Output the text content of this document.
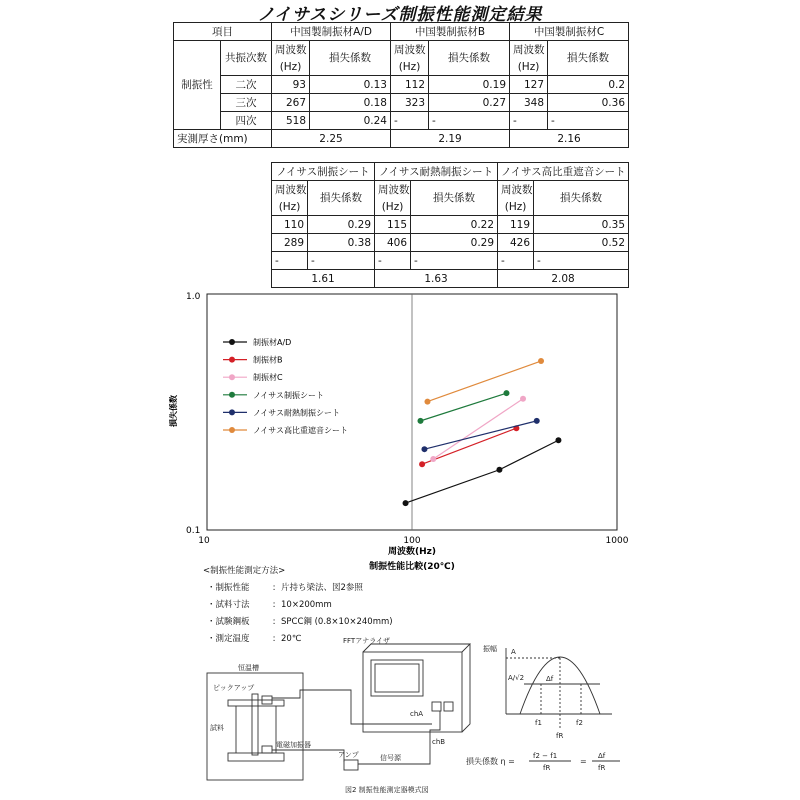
ノイサスシリーズ制振性能測定結果
項目		中国製制振材A/D		中国製制振材B		中国製制振材C	
制振性	共振次数	周波数	損失係数	周波数	損失係数	周波数	損失係数
		(Hz)		(Hz)		(Hz)	
	二次	93	0.13	112	0.19	127	0.2
	三次	267	0.18	323	0.27	348	0.36
	四次	518	0.24	-	-	-	-
実測厚さ(mm)		2.25		2.19		2.16	
ノイサス制振シート		ノイサス耐熱制振シート		ノイサス高比重遮音シート	
周波数	損失係数	周波数	損失係数	周波数	損失係数
(Hz)		(Hz)		(Hz)	
110	0.29	115	0.22	119	0.35
289	0.38	406	0.29	426	0.52
-	-	-	-	-	-
1.61		1.63		2.08	
10	100	1000
1.0
0.1
周波数(Hz)
制振性能比較(20℃)
損失係数
制振材A/D
制振材B
制振材C
ノイサス制振シート
ノイサス耐熱制振シート
ノイサス高比重遮音シート
<制振性能測定方法>
・制振性能	: 片持ち梁法、図2参照
・試料寸法	: 10×200mm
・試験鋼板	: SPCC鋼 (0.8×10×240mm)
・測定温度	: 20℃	FFTアナライザ
恒温槽
ピックアップ
試料
電磁加振器
アンプ	信号源
chA
chB
振幅 A
A/√2	Δf
f1	f2
fR
損失係数 η =
f2 − f1
fR
=
Δf
fR
図2 制振性能測定器模式図
